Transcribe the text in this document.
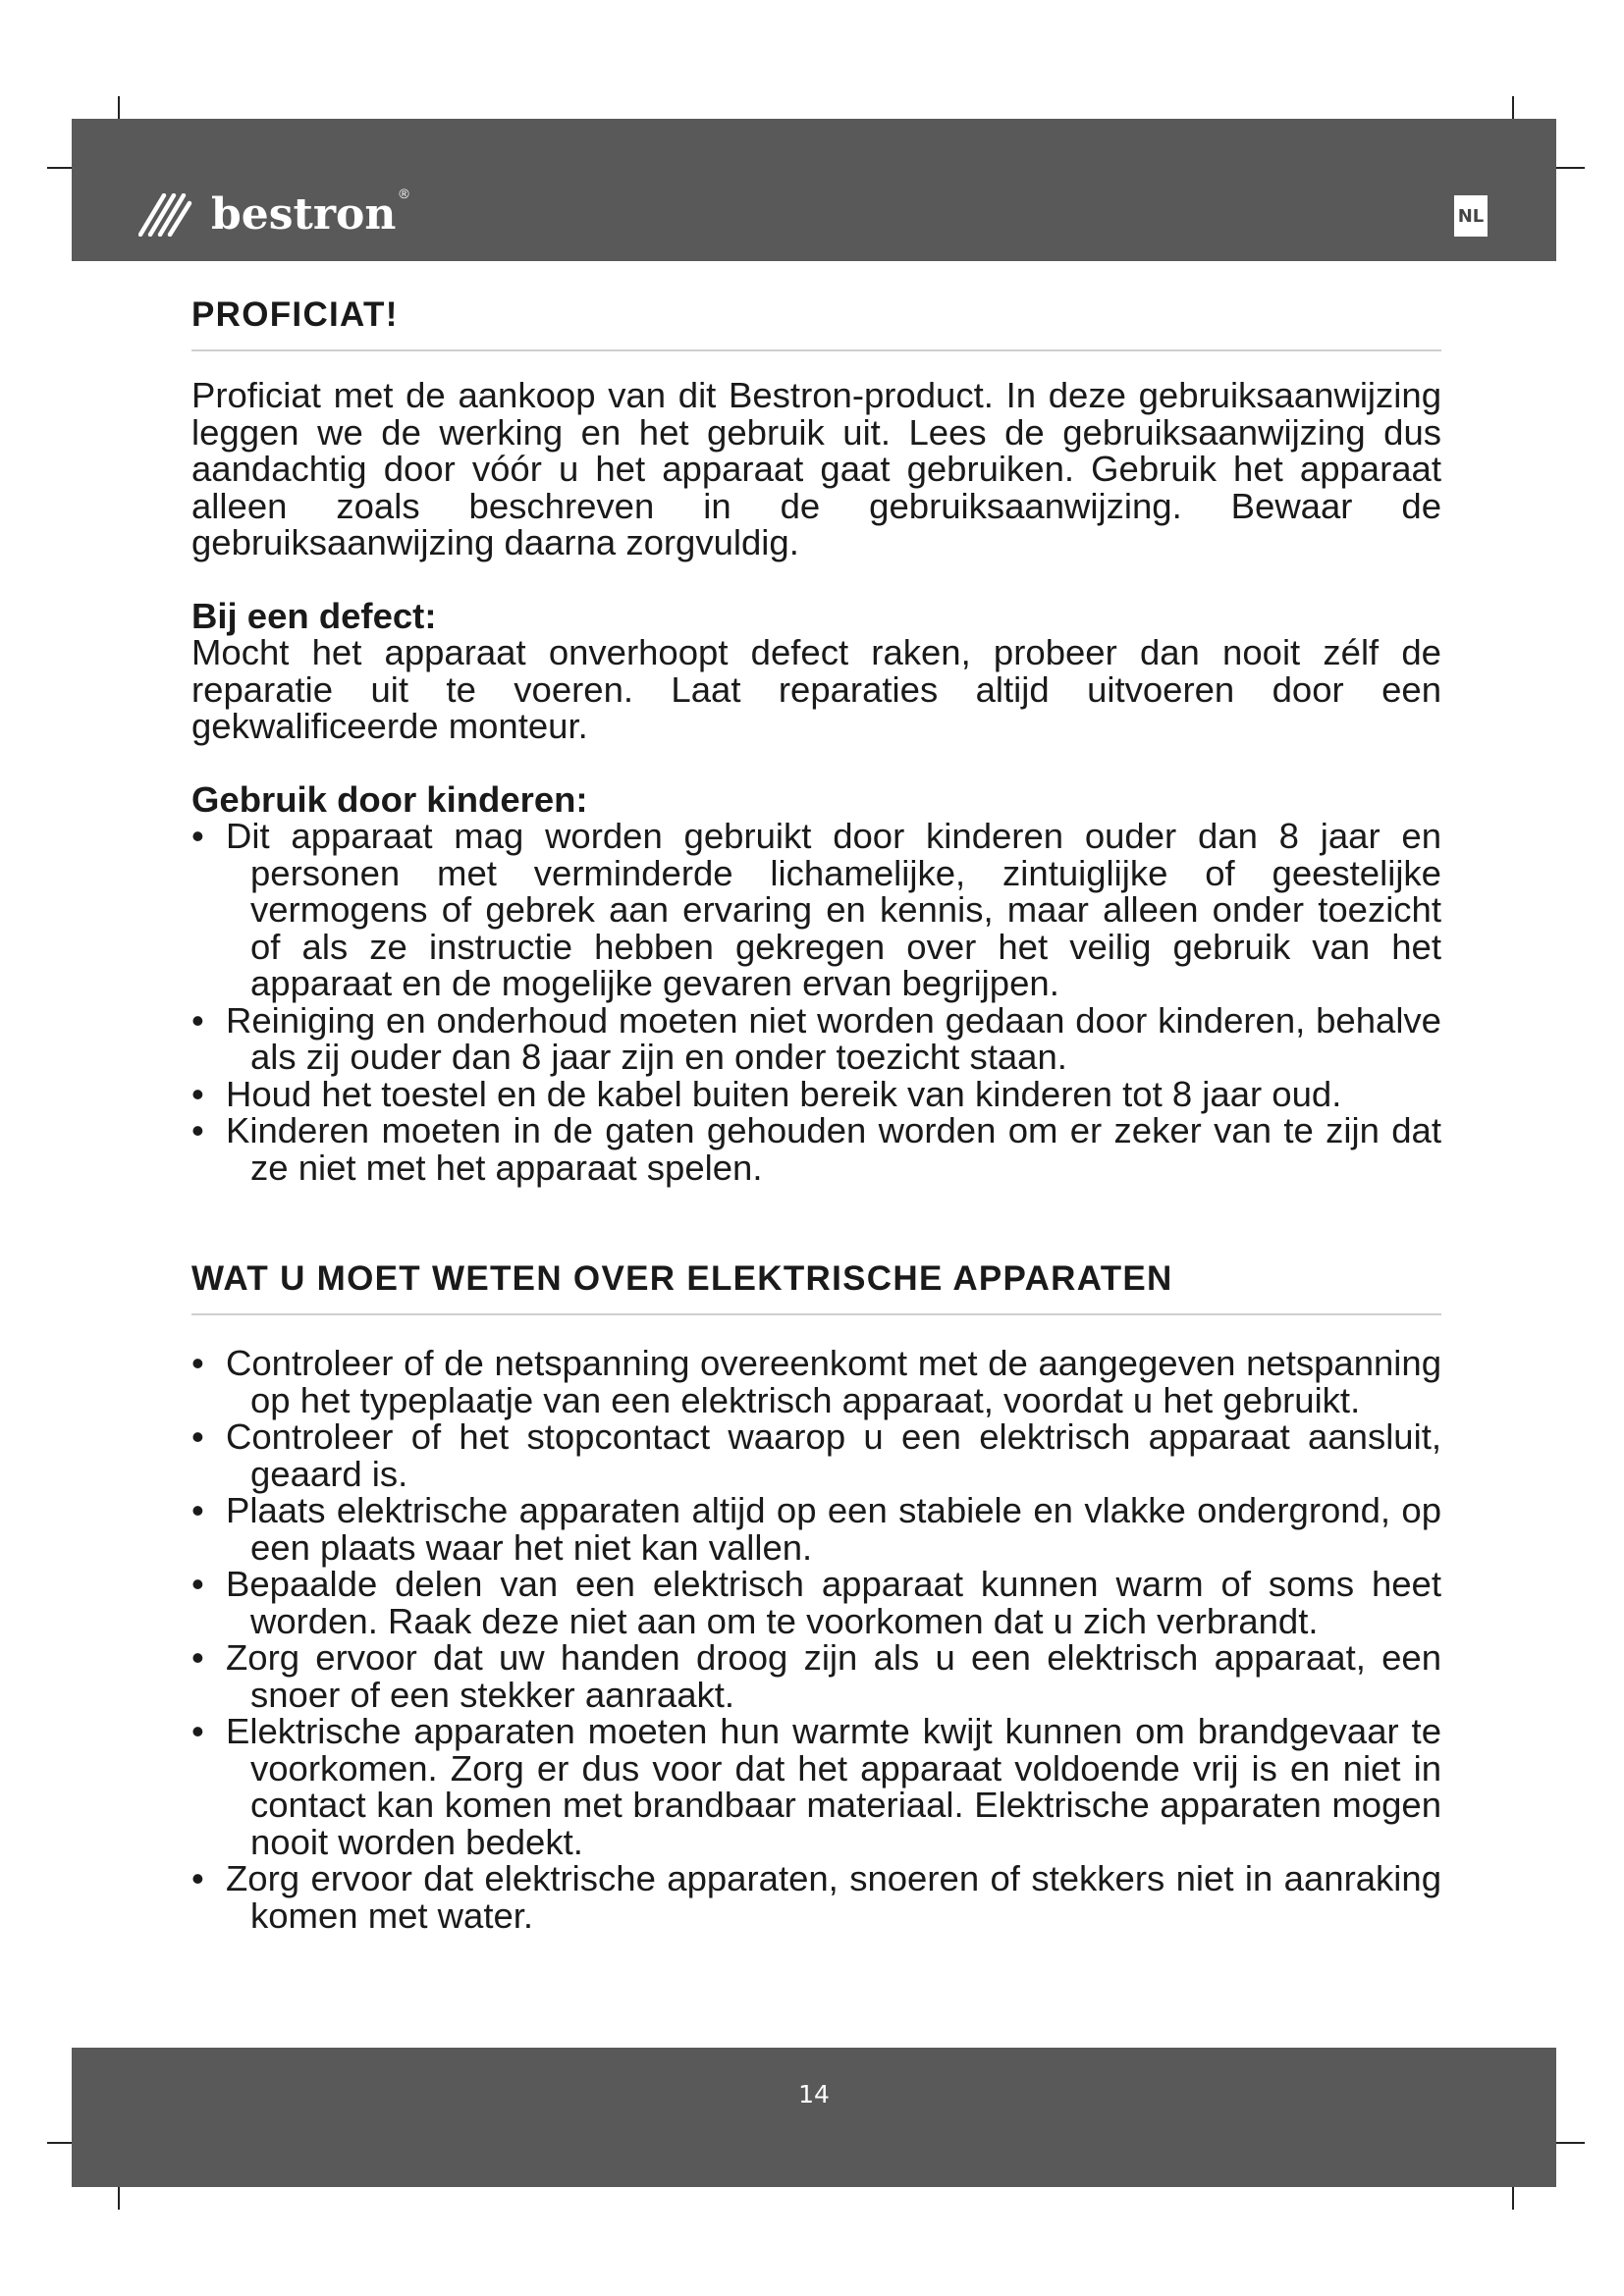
bestron ®
NL
PROFICIAT!

Proficiat met de aankoop van dit Bestron-product. In deze gebruiksaanwijzing leggen we de werking en het gebruik uit. Lees de gebruiksaanwijzing dus aandachtig door vóór u het apparaat gaat gebruiken. Gebruik het apparaat alleen zoals beschreven in de gebruiksaanwijzing. Bewaar de gebruiksaanwijzing daarna zorgvuldig.

Bij een defect:

Mocht het apparaat onverhoopt defect raken, probeer dan nooit zélf de reparatie uit te voeren. Laat reparaties altijd uitvoeren door een gekwalificeerde monteur.

Gebruik door kinderen:

• Dit apparaat mag worden gebruikt door kinderen ouder dan 8 jaar en personen met verminderde lichamelijke, zintuiglijke of geestelijke vermogens of gebrek aan ervaring en kennis, maar alleen onder toezicht of als ze instructie hebben gekregen over het veilig gebruik van het apparaat en de mogelijke gevaren ervan begrijpen.
• Reiniging en onderhoud moeten niet worden gedaan door kinderen, behalve als zij ouder dan 8 jaar zijn en onder toezicht staan.
• Houd het toestel en de kabel buiten bereik van kinderen tot 8 jaar oud.
• Kinderen moeten in de gaten gehouden worden om er zeker van te zijn dat ze niet met het apparaat spelen.
WAT U MOET WETEN OVER ELEKTRISCHE APPARATEN
• Controleer of de netspanning overeenkomt met de aangegeven netspanning op het typeplaatje van een elektrisch apparaat, voordat u het gebruikt.
• Controleer of het stopcontact waarop u een elektrisch apparaat aansluit, geaard is.
• Plaats elektrische apparaten altijd op een stabiele en vlakke ondergrond, op een plaats waar het niet kan vallen.
• Bepaalde delen van een elektrisch apparaat kunnen warm of soms heet worden. Raak deze niet aan om te voorkomen dat u zich verbrandt.
• Zorg ervoor dat uw handen droog zijn als u een elektrisch apparaat, een snoer of een stekker aanraakt.
• Elektrische apparaten moeten hun warmte kwijt kunnen om brandgevaar te voorkomen. Zorg er dus voor dat het apparaat voldoende vrij is en niet in contact kan komen met brandbaar materiaal. Elektrische apparaten mogen nooit worden bedekt.
• Zorg ervoor dat elektrische apparaten, snoeren of stekkers niet in aanraking komen met water.
14
